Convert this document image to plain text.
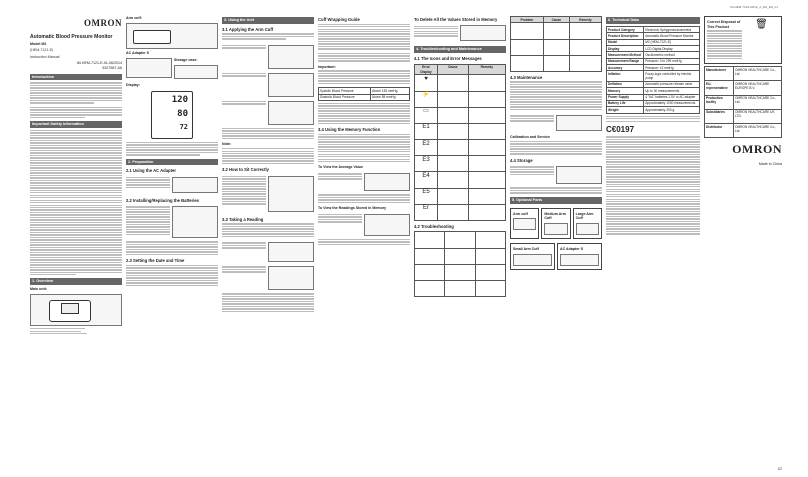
IM-HEM-7130-AW-E_A_EN_EN_01
OMRON
Automatic Blood Pressure Monitor
Model M2
(HEM-7121-E)
Instruction Manual
IM-HEM-7121-E-01-06/2014
5327587-5A
Introduction
Important Safety Information
1. Overview
Main unit:
Arm cuff:
AC Adapter S
Storage case:
Display:
120
80
72
2. Preparation
2.1 Using the AC Adapter
2.2 Installing/Replacing the Batteries
2.3 Setting the Date and Time
3. Using the Unit
3.1 Applying the Arm Cuff
Note:
3.2 How to Sit Correctly
3.3 Taking a Reading
Cuff Wrapping Guide
Important:
Systolic Blood Pressure	Above 135 mmHg
Diastolic Blood Pressure	Above 85 mmHg
3.4 Using the Memory Function
To View the Average Value
To View the Readings Stored in Memory
To Delete All the Values Stored in Memory
4. Troubleshooting and Maintenance
4.1 The Icons and Error Messages
Error Display	Cause	Remedy
♥		
⚡		
▭		
E1		
E2		
E3		
E4		
E5		
Er		
4.2 Troubleshooting

Problem	Cause	Remedy

4.3 Maintenance
Calibration and Service
4.4 Storage
5. Optional Parts
Arm cuff	Medium Arm Cuff
Large Arm Cuff
Small Arm Cuff	AC Adapter S
6. Technical Data
Product Category	Electronic Sphygmomanometers
Product Description	Automatic Blood Pressure Monitor
Model	M2 (HEM-7121-E)
Display	LCD Digital Display
Measurement Method	Oscillometric method
Measurement Range	Pressure: 0 to 299 mmHg
Accuracy	Pressure: ±3 mmHg
Inflation	Fuzzy-logic controlled by electric pump
Deflation	Automatic pressure release valve
Memory	Up to 30 measurements
Power Supply	4 "AA" batteries 1.5V or AC adapter
Battery Life	Approximately 1000 measurements
Weight	Approximately 250 g
C€0197
Correct Disposal of This Product	🗑
Manufacturer	OMRON HEALTHCARE Co., Ltd.
EU-representative	OMRON HEALTHCARE EUROPE B.V.
Production facility	OMRON HEALTHCARE Co., Ltd.
Subsidiaries	OMRON HEALTHCARE UK LTD.
Distributor	OMRON HEALTHCARE Co., Ltd.
OMRON
Made in China
1/2
